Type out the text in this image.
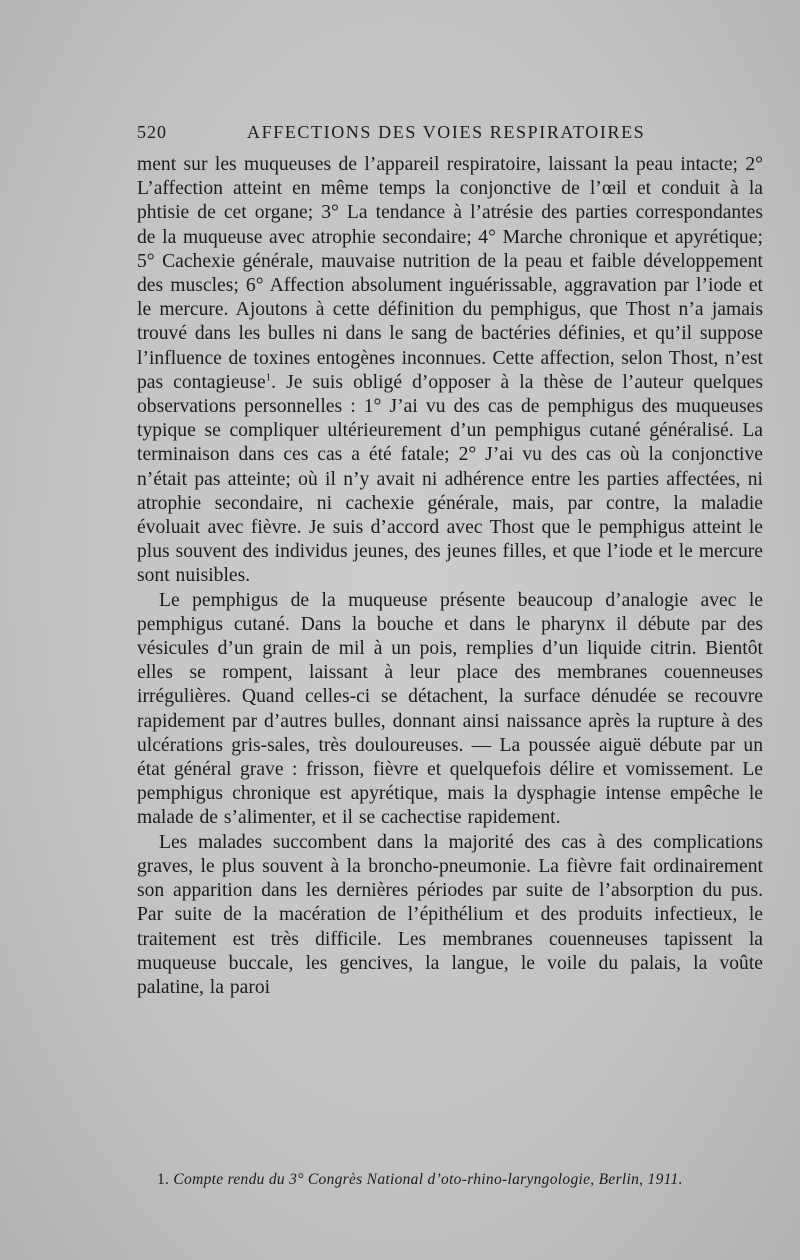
520	AFFECTIONS DES VOIES RESPIRATOIRES

ment sur les muqueuses de l’appareil respiratoire, laissant la peau intacte; 2° L’affection atteint en même temps la conjonctive de l’œil et conduit à la phtisie de cet organe; 3° La tendance à l’atrésie des parties correspondantes de la muqueuse avec atrophie secondaire; 4° Marche chronique et apyrétique; 5° Cachexie générale, mauvaise nutrition de la peau et faible développement des muscles; 6° Affection absolument inguérissable, aggravation par l’iode et le mercure. Ajoutons à cette définition du pemphigus, que Thost n’a jamais trouvé dans les bulles ni dans le sang de bactéries définies, et qu’il suppose l’influence de toxines entogènes inconnues. Cette affection, selon Thost, n’est pas contagieuse$^1$. Je suis obligé d’opposer à la thèse de l’auteur quelques observations personnelles : 1° J’ai vu des cas de pemphigus des muqueuses typique se compliquer ultérieurement d’un pemphigus cutané généralisé. La terminaison dans ces cas a été fatale; 2° J’ai vu des cas où la conjonctive n’était pas atteinte; où il n’y avait ni adhérence entre les parties affectées, ni atrophie secondaire, ni cachexie générale, mais, par contre, la maladie évoluait avec fièvre. Je suis d’accord avec Thost que le pemphigus atteint le plus souvent des individus jeunes, des jeunes filles, et que l’iode et le mercure sont nuisibles.

Le pemphigus de la muqueuse présente beaucoup d’analogie avec le pemphigus cutané. Dans la bouche et dans le pharynx il débute par des vésicules d’un grain de mil à un pois, remplies d’un liquide citrin. Bientôt elles se rompent, laissant à leur place des membranes couenneuses irrégulières. Quand celles-ci se détachent, la surface dénudée se recouvre rapidement par d’autres bulles, donnant ainsi naissance après la rupture à des ulcérations gris-sales, très douloureuses. — La poussée aiguë débute par un état général grave : frisson, fièvre et quelquefois délire et vomissement. Le pemphigus chronique est apyrétique, mais la dysphagie intense empêche le malade de s’alimenter, et il se cachectise rapidement.

Les malades succombent dans la majorité des cas à des complications graves, le plus souvent à la broncho-pneumonie. La fièvre fait ordinairement son apparition dans les dernières périodes par suite de l’absorption du pus. Par suite de la macération de l’épithélium et des produits infectieux, le traitement est très difficile. Les membranes couenneuses tapissent la muqueuse buccale, les gencives, la langue, le voile du palais, la voûte palatine, la paroi

1. Compte rendu du 3° Congrès National d’oto-rhino-laryngologie, Berlin, 1911.
